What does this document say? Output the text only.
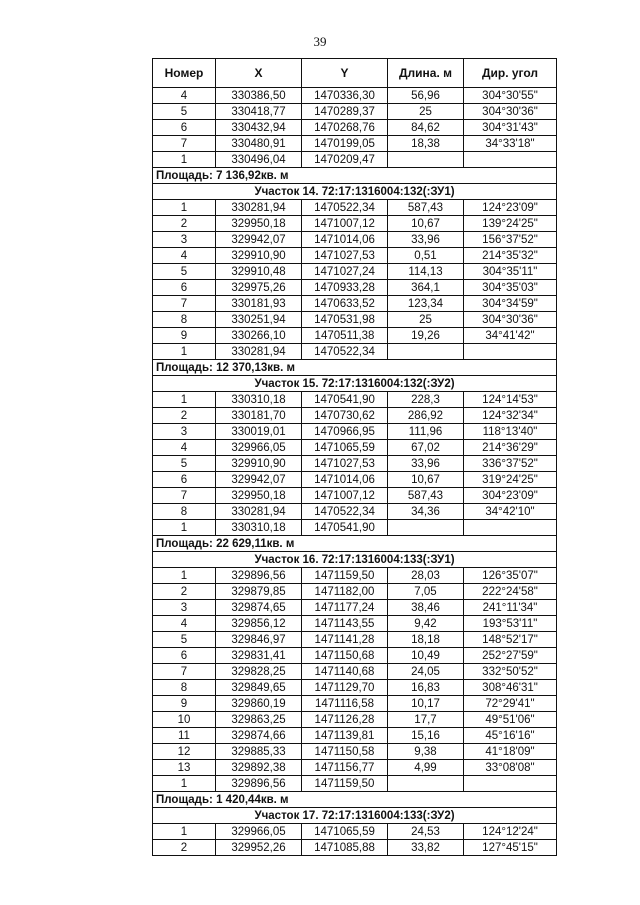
39
Номер	X	Y	Длина. м	Дир. угол
4	330386,50	1470336,30	56,96	304°30'55"
5	330418,77	1470289,37	25	304°30'36"
6	330432,94	1470268,76	84,62	304°31'43"
7	330480,91	1470199,05	18,38	34°33'18"
1	330496,04	1470209,47		
Площадь: 7 136,92кв. м				
Участок 14. 72:17:1316004:132(:ЗУ1)				
1	330281,94	1470522,34	587,43	124°23'09"
2	329950,18	1471007,12	10,67	139°24'25"
3	329942,07	1471014,06	33,96	156°37'52"
4	329910,90	1471027,53	0,51	214°35'32"
5	329910,48	1471027,24	114,13	304°35'11"
6	329975,26	1470933,28	364,1	304°35'03"
7	330181,93	1470633,52	123,34	304°34'59"
8	330251,94	1470531,98	25	304°30'36"
9	330266,10	1470511,38	19,26	34°41'42"
1	330281,94	1470522,34		
Площадь: 12 370,13кв. м				
Участок 15. 72:17:1316004:132(:ЗУ2)				
1	330310,18	1470541,90	228,3	124°14'53"
2	330181,70	1470730,62	286,92	124°32'34"
3	330019,01	1470966,95	111,96	118°13'40"
4	329966,05	1471065,59	67,02	214°36'29"
5	329910,90	1471027,53	33,96	336°37'52"
6	329942,07	1471014,06	10,67	319°24'25"
7	329950,18	1471007,12	587,43	304°23'09"
8	330281,94	1470522,34	34,36	34°42'10"
1	330310,18	1470541,90		
Площадь: 22 629,11кв. м				
Участок 16. 72:17:1316004:133(:ЗУ1)				
1	329896,56	1471159,50	28,03	126°35'07"
2	329879,85	1471182,00	7,05	222°24'58"
3	329874,65	1471177,24	38,46	241°11'34"
4	329856,12	1471143,55	9,42	193°53'11"
5	329846,97	1471141,28	18,18	148°52'17"
6	329831,41	1471150,68	10,49	252°27'59"
7	329828,25	1471140,68	24,05	332°50'52"
8	329849,65	1471129,70	16,83	308°46'31"
9	329860,19	1471116,58	10,17	72°29'41"
10	329863,25	1471126,28	17,7	49°51'06"
11	329874,66	1471139,81	15,16	45°16'16"
12	329885,33	1471150,58	9,38	41°18'09"
13	329892,38	1471156,77	4,99	33°08'08"
1	329896,56	1471159,50		
Площадь: 1 420,44кв. м				
Участок 17. 72:17:1316004:133(:ЗУ2)				
1	329966,05	1471065,59	24,53	124°12'24"
2	329952,26	1471085,88	33,82	127°45'15"
